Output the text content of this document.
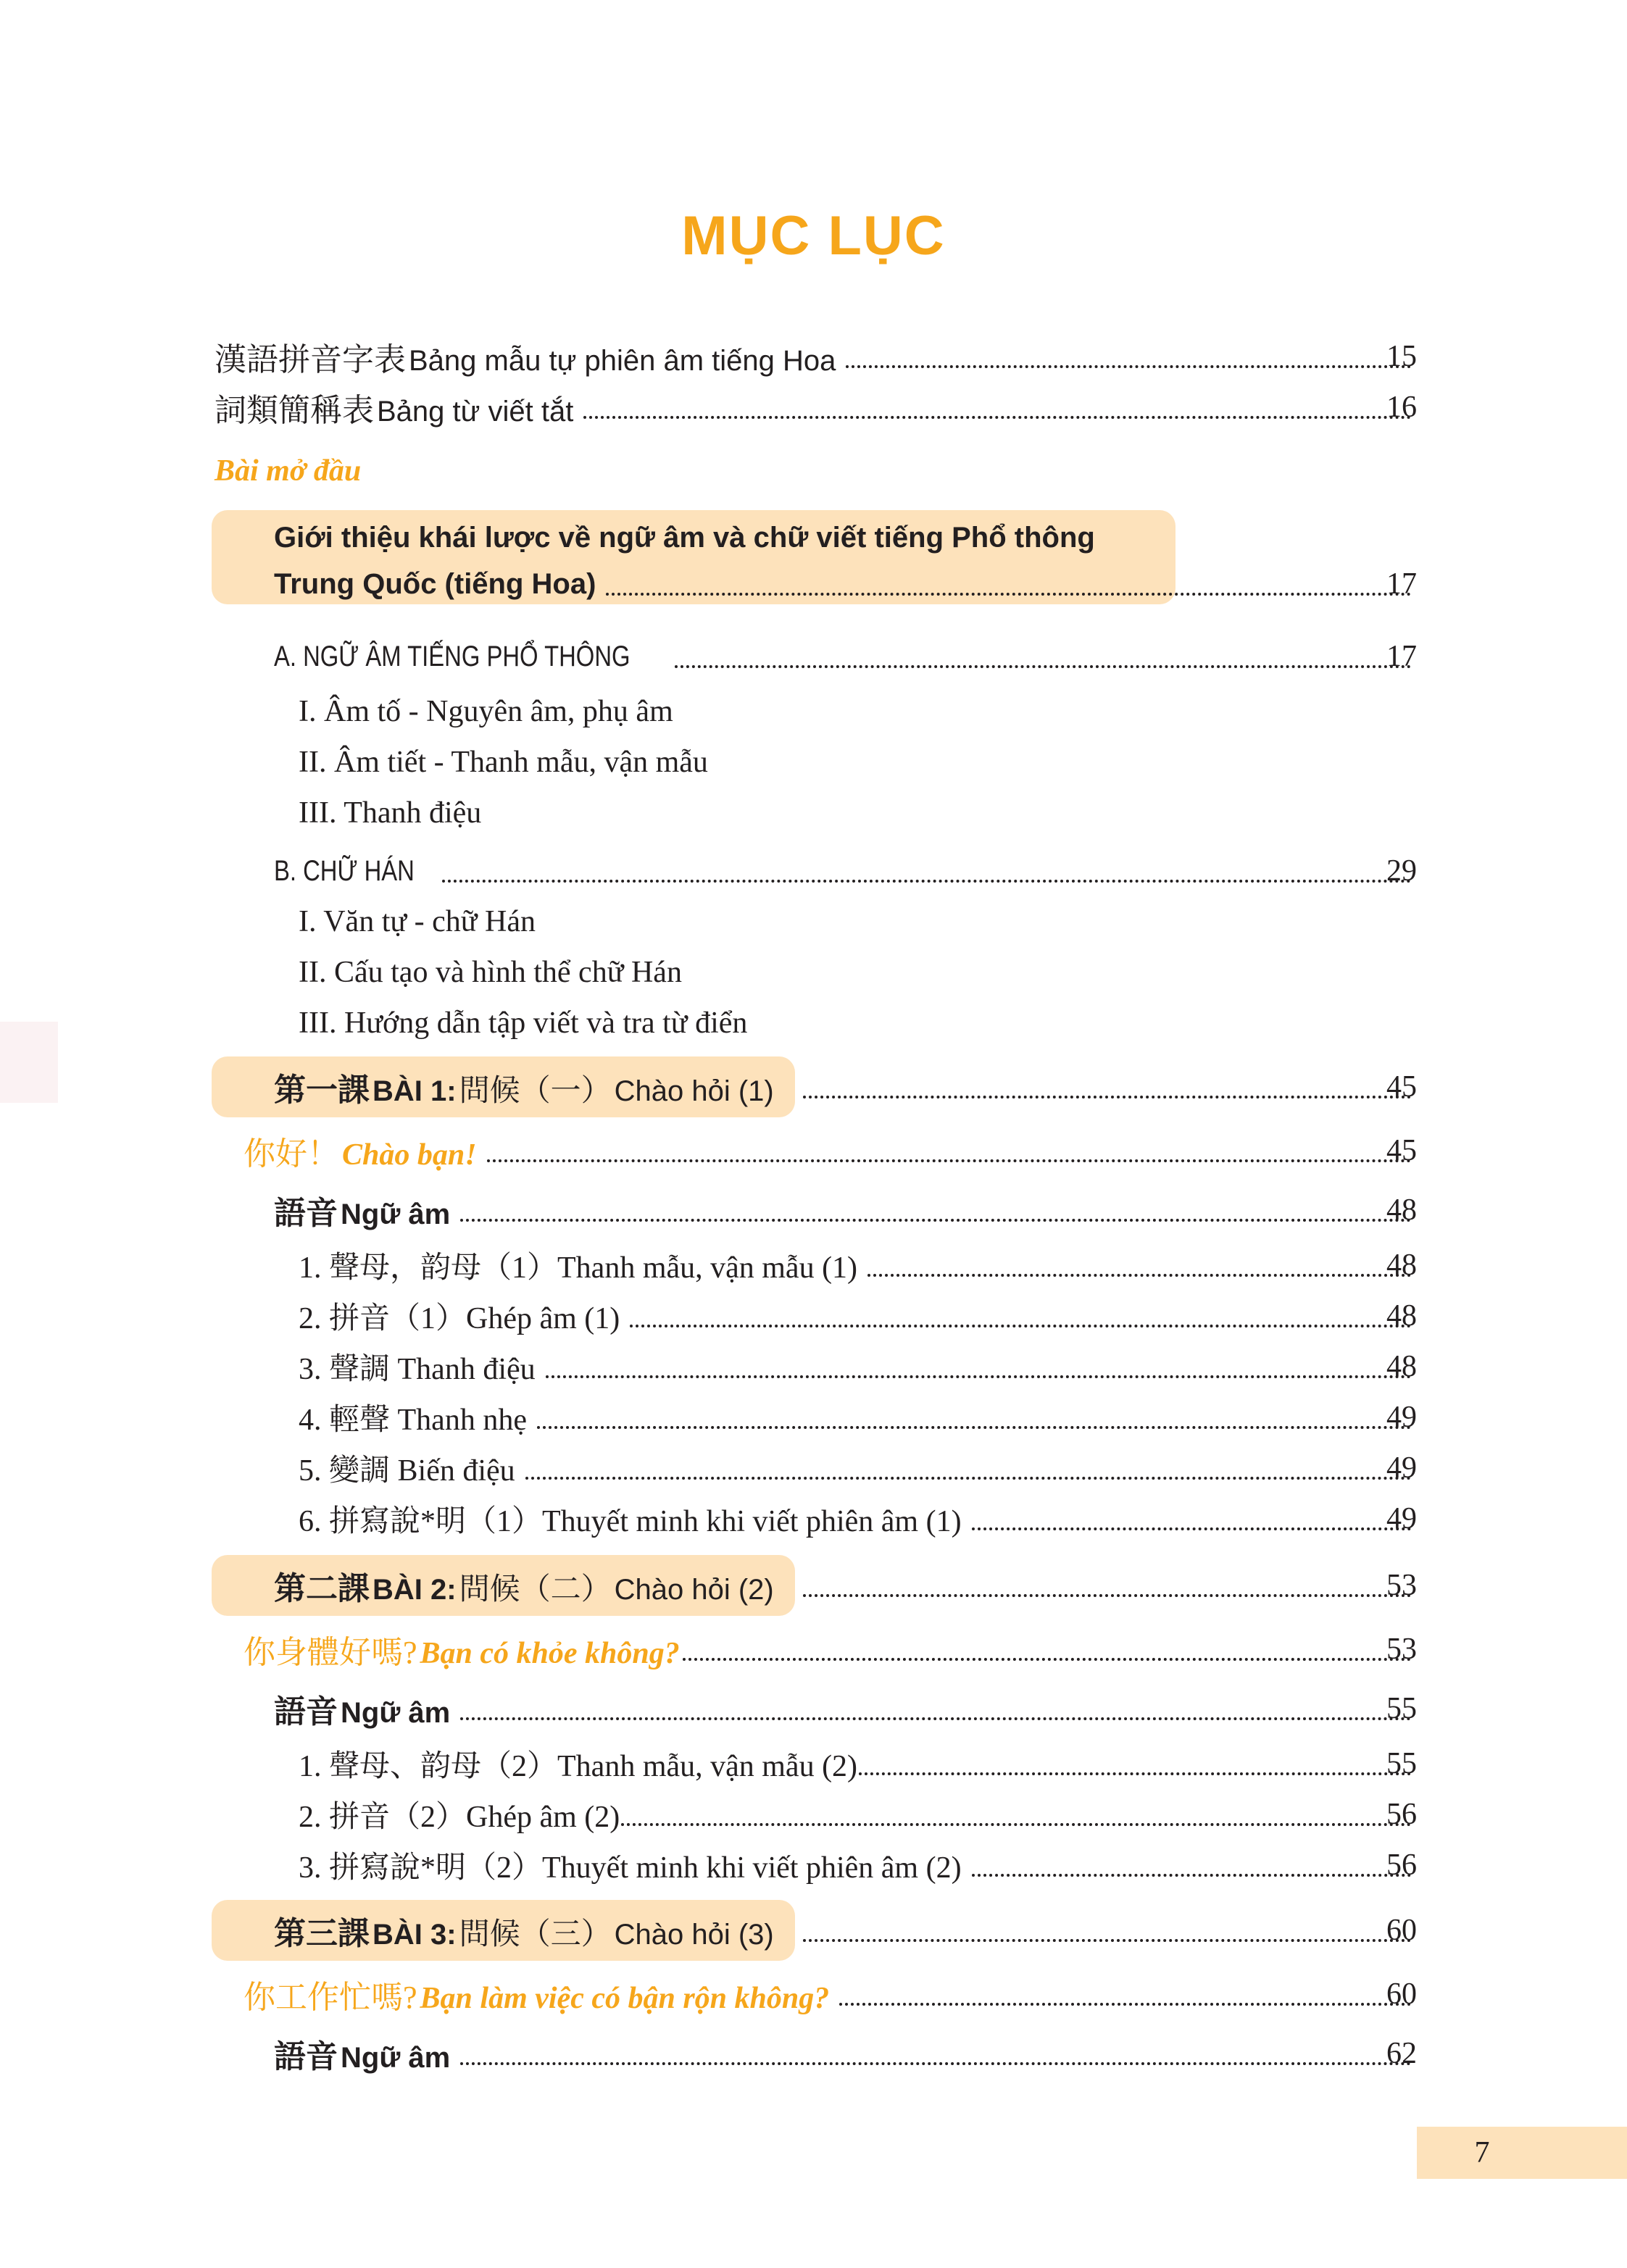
MỤC LỤC
漢語拼音字表 Bảng mẫu tự phiên âm tiếng Hoa	15
詞類簡稱表 Bảng từ viết tắt	16
Bài mở đầu
Giới thiệu khái lược về ngữ âm và chữ viết tiếng Phổ thông
Trung Quốc (tiếng Hoa)	17
A. NGỮ ÂM TIẾNG PHỔ THÔNG	17
I. Âm tố - Nguyên âm, phụ âm
II. Âm tiết - Thanh mẫu, vận mẫu
III. Thanh điệu
B. CHỮ HÁN	29
I. Văn tự - chữ Hán
II. Cấu tạo và hình thể chữ Hán
III. Hướng dẫn tập viết và tra từ điển
第一課 BÀI 1: 問候（一） Chào hỏi (1)	45
你好！ Chào bạn!	45
語音 Ngữ âm	48
1. 聲母，韵母（1）Thanh mẫu, vận mẫu (1)	48
2. 拼音（1）Ghép âm (1)	48
3. 聲調 Thanh điệu	48
4. 輕聲 Thanh nhẹ	49
5. 變調 Biến điệu	49
6. 拼寫說*明（1）Thuyết minh khi viết phiên âm (1)	49
第二課 BÀI 2: 問候（二） Chào hỏi (2)	53
你身體好嗎? Bạn có khỏe không?	53
語音 Ngữ âm	55
1. 聲母、韵母（2）Thanh mẫu, vận mẫu (2)	55
2. 拼音（2）Ghép âm (2)	56
3. 拼寫說*明（2）Thuyết minh khi viết phiên âm (2)	56
第三課 BÀI 3: 問候（三） Chào hỏi (3)	60
你工作忙嗎? Bạn làm việc có bận rộn không?	60
語音 Ngữ âm	62
7
